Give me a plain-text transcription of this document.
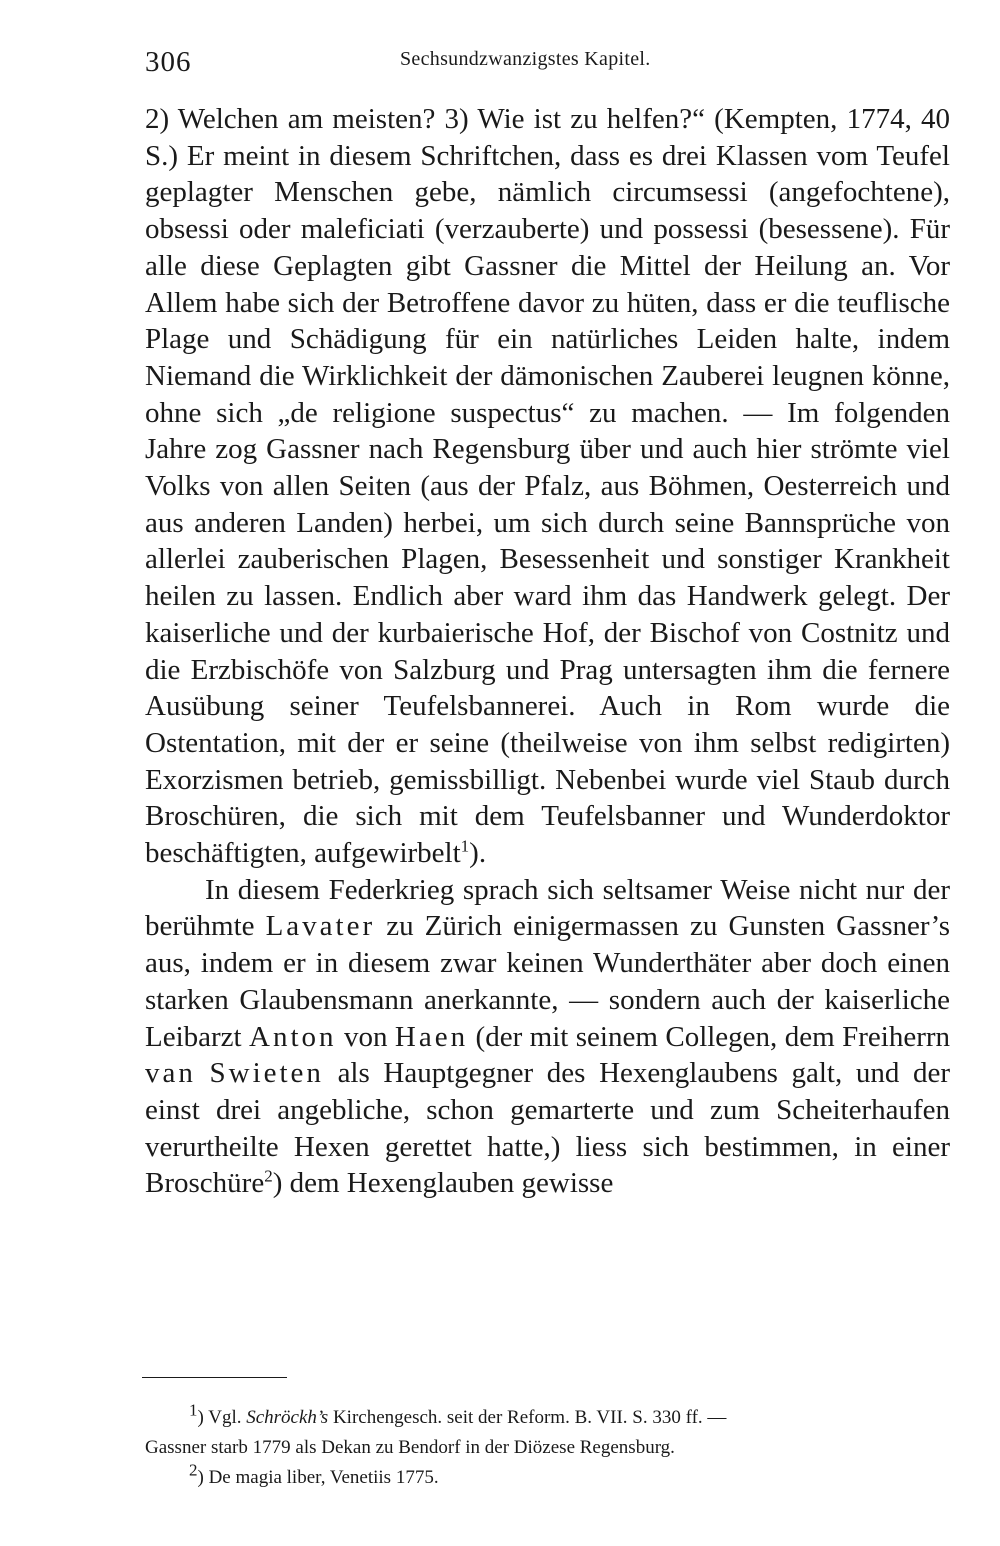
306	Sechsundzwanzigstes Kapitel.

2) Welchen am meisten? 3) Wie ist zu helfen?“ (Kempten, 1774, 40 S.) Er meint in diesem Schriftchen, dass es drei Klassen vom Teufel geplagter Menschen gebe, nämlich circumsessi (angefochtene), obsessi oder maleficiati (verzauberte) und possessi (besessene). Für alle diese Geplagten gibt Gassner die Mittel der Heilung an. Vor Allem habe sich der Betroffene davor zu hüten, dass er die teuflische Plage und Schädigung für ein natürliches Leiden halte, indem Niemand die Wirklichkeit der dämonischen Zauberei leugnen könne, ohne sich „de religione suspectus“ zu machen. — Im folgenden Jahre zog Gassner nach Regensburg über und auch hier strömte viel Volks von allen Seiten (aus der Pfalz, aus Böhmen, Oesterreich und aus anderen Landen) herbei, um sich durch seine Bannsprüche von allerlei zauberischen Plagen, Besessenheit und sonstiger Krankheit heilen zu lassen. Endlich aber ward ihm das Handwerk gelegt. Der kaiserliche und der kurbaierische Hof, der Bischof von Costnitz und die Erzbischöfe von Salzburg und Prag untersagten ihm die fernere Ausübung seiner Teufelsbannerei. Auch in Rom wurde die Ostentation, mit der er seine (theilweise von ihm selbst redigirten) Exorzismen betrieb, gemissbilligt. Nebenbei wurde viel Staub durch Broschüren, die sich mit dem Teufelsbanner und Wunderdoktor beschäftigten, aufgewirbelt$^1$).

In diesem Federkrieg sprach sich seltsamer Weise nicht nur der berühmte Lavater zu Zürich einigermassen zu Gunsten Gassner’s aus, indem er in diesem zwar keinen Wunderthäter aber doch einen starken Glaubensmann anerkannte, — sondern auch der kaiserliche Leibarzt Anton von Haen (der mit seinem Collegen, dem Freiherrn van Swieten als Hauptgegner des Hexenglaubens galt, und der einst drei angebliche, schon gemarterte und zum Scheiterhaufen verurtheilte Hexen gerettet hatte,) liess sich bestimmen, in einer Broschüre$^2$) dem Hexenglauben gewisse

$^1$) Vgl. Schröckh’s Kirchengesch. seit der Reform. B. VII. S. 330 ff. —

Gassner starb 1779 als Dekan zu Bendorf in der Diözese Regensburg.

$^2$) De magia liber, Venetiis 1775.
